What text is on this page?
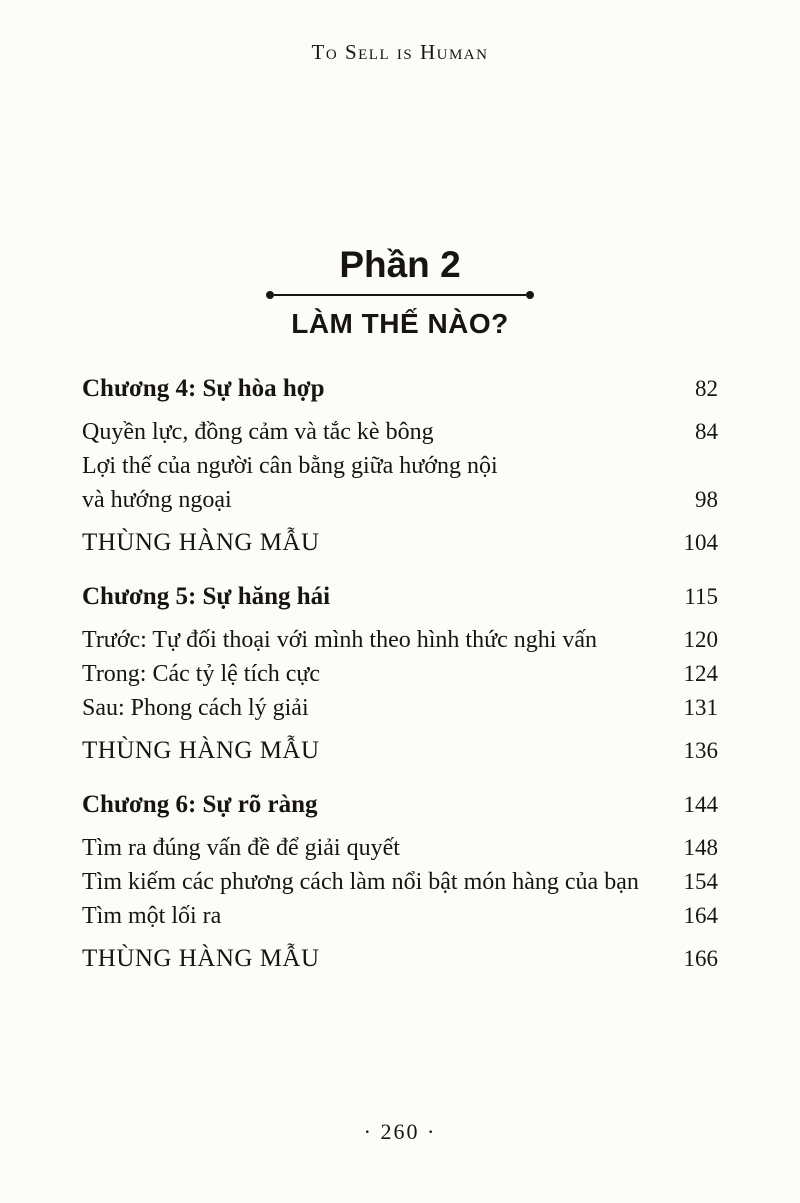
To Sell is Human
Phần 2
LÀM THẾ NÀO?
Chương 4: Sự hòa hợp	82
Quyền lực, đồng cảm và tắc kè bông	84
Lợi thế của người cân bằng giữa hướng nội
và hướng ngoại	98
THÙNG HÀNG MẪU	104
Chương 5: Sự hăng hái	115
Trước: Tự đối thoại với mình theo hình thức nghi vấn	120
Trong: Các tỷ lệ tích cực	124
Sau: Phong cách lý giải	131
THÙNG HÀNG MẪU	136
Chương 6: Sự rõ ràng	144
Tìm ra đúng vấn đề để giải quyết	148
Tìm kiếm các phương cách làm nổi bật món hàng của bạn	154
Tìm một lối ra	164
THÙNG HÀNG MẪU	166
· 260 ·
